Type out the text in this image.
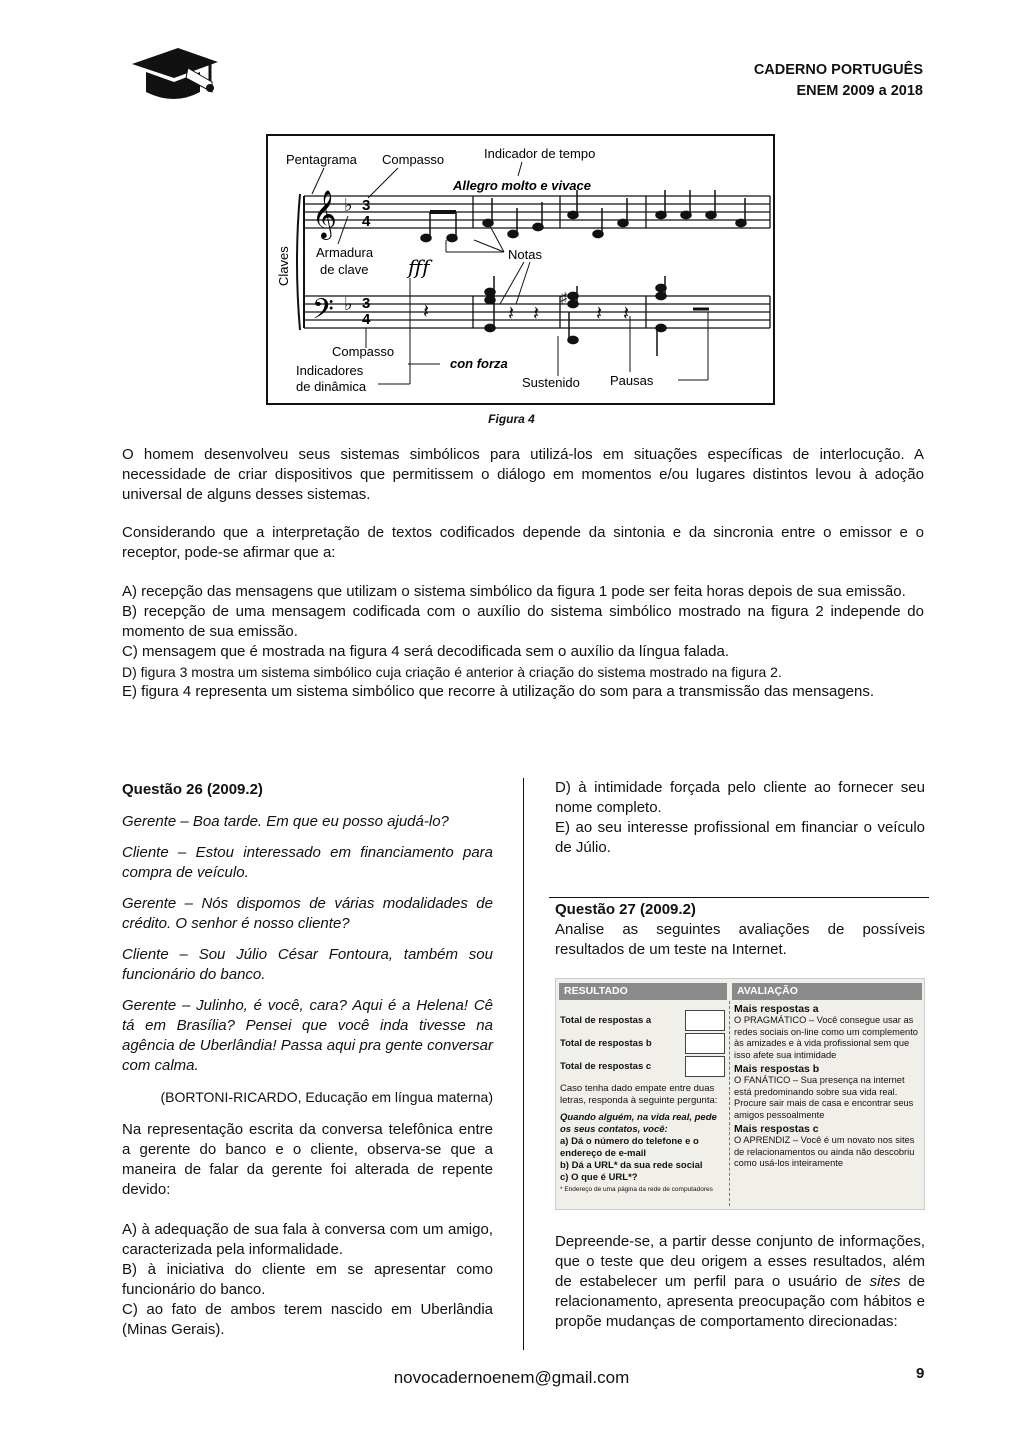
CADERNO PORTUGUÊS
ENEM 2009 a 2018
𝄞
𝄢
♭
♭
3
4
3
4	𝄽	𝄽 𝄽
♯
𝄽 𝄽
Pentagrama Compasso	Indicador de tempo
Allegro molto e vivace
Claves Armadura
de clave
Notas
fff
Compasso
Indicadores
de dinâmica
con forza
Sustenido Pausas
Figura 4
O homem desenvolveu seus sistemas simbólicos para utilizá-los em situações específicas de interlocução. A necessidade de criar dispositivos que permitissem o diálogo em momentos e/ou lugares distintos levou à adoção universal de alguns desses sistemas.
Considerando que a interpretação de textos codificados depende da sintonia e da sincronia entre o emissor e o receptor, pode-se afirmar que a:
A) recepção das mensagens que utilizam o sistema simbólico da figura 1 pode ser feita horas depois de sua emissão.
B) recepção de uma mensagem codificada com o auxílio do sistema simbólico mostrado na figura 2 independe do momento de sua emissão.
C) mensagem que é mostrada na figura 4 será decodificada sem o auxílio da língua falada.
D) figura 3 mostra um sistema simbólico cuja criação é anterior à criação do sistema mostrado na figura 2.
E) figura 4 representa um sistema simbólico que recorre à utilização do som para a transmissão das mensagens.
Questão 26 (2009.2)
Gerente – Boa tarde. Em que eu posso ajudá-lo?
Cliente – Estou interessado em financiamento para compra de veículo.
Gerente – Nós dispomos de várias modalidades de crédito. O senhor é nosso cliente?
Cliente – Sou Júlio César Fontoura, também sou funcionário do banco.
Gerente – Julinho, é você, cara? Aqui é a Helena! Cê tá em Brasília? Pensei que você inda tivesse na agência de Uberlândia! Passa aqui pra gente conversar com calma.
(BORTONI-RICARDO, Educação em língua materna)
Na representação escrita da conversa telefônica entre a gerente do banco e o cliente, observa-se que a maneira de falar da gerente foi alterada de repente devido:
A) à adequação de sua fala à conversa com um amigo, caracterizada pela informalidade.
B) à iniciativa do cliente em se apresentar como funcionário do banco.
C) ao fato de ambos terem nascido em Uberlândia (Minas Gerais).
D) à intimidade forçada pelo cliente ao fornecer seu nome completo.
E) ao seu interesse profissional em financiar o veículo de Júlio.
Questão 27 (2009.2)
Analise as seguintes avaliações de possíveis resultados de um teste na Internet.
RESULTADO	AVALIAÇÃO
Total de respostas a
Total de respostas b
Total de respostas c
Caso tenha dado empate entre duas letras, responda à seguinte pergunta:
Quando alguém, na vida real, pede os seus contatos, você:
a) Dá o número do telefone e o endereço de e-mail
b) Dá a URL* da sua rede social
c) O que é URL*?
* Endereço de uma página da rede de computadores
Mais respostas a
O PRAGMÁTICO – Você consegue usar as redes sociais on-line como um complemento às amizades e à vida profissional sem que isso afete sua intimidade
Mais respostas b
O FANÁTICO – Sua presença na internet está predominando sobre sua vida real. Procure sair mais de casa e encontrar seus amigos pessoalmente
Mais respostas c
O APRENDIZ – Você é um novato nos sites de relacionamentos ou ainda não descobriu como usá-los inteiramente
Depreende-se, a partir desse conjunto de informações, que o teste que deu origem a esses resultados, além de estabelecer um perfil para o usuário de sites de relacionamento, apresenta preocupação com hábitos e propõe mudanças de comportamento direcionadas:
novocadernoenem@gmail.com	9
